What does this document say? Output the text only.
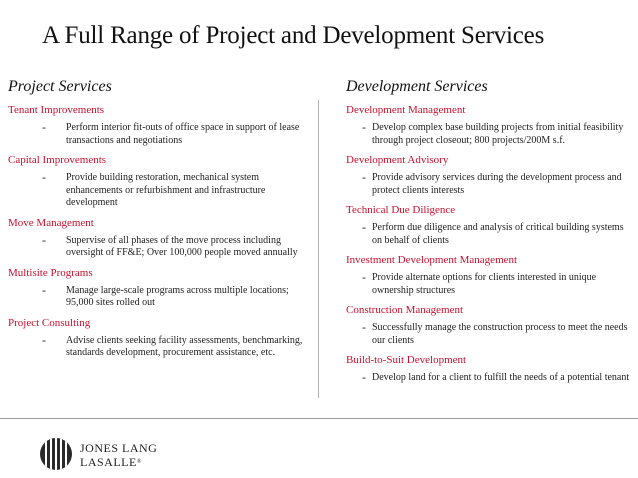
A Full Range of Project and Development Services
Project Services
Tenant Improvements
- Perform interior fit-outs of office space in support of lease transactions and negotiations
Capital Improvements
- Provide building restoration, mechanical system enhancements or refurbishment and infrastructure development
Move Management
- Supervise of all phases of the move process including oversight of FF&E; Over 100,000 people moved annually
Multisite Programs
- Manage large-scale programs across multiple locations; 95,000 sites rolled out
Project Consulting
- Advise clients seeking facility assessments, benchmarking, standards development, procurement assistance, etc.
Development Services
Development Management
- Develop complex base building projects from initial feasibility through project closeout; 800 projects/200M s.f.
Development Advisory
- Provide advisory services during the development process and protect clients interests
Technical Due Diligence
- Perform due diligence and analysis of critical building systems on behalf of clients
Investment Development Management
- Provide alternate options for clients interested in unique ownership structures
Construction Management
- Successfully manage the construction process to meet the needs our clients
Build-to-Suit Development
- Develop land for a client to fulfill the needs of a potential tenant
JONES LANG
LASALLE®
